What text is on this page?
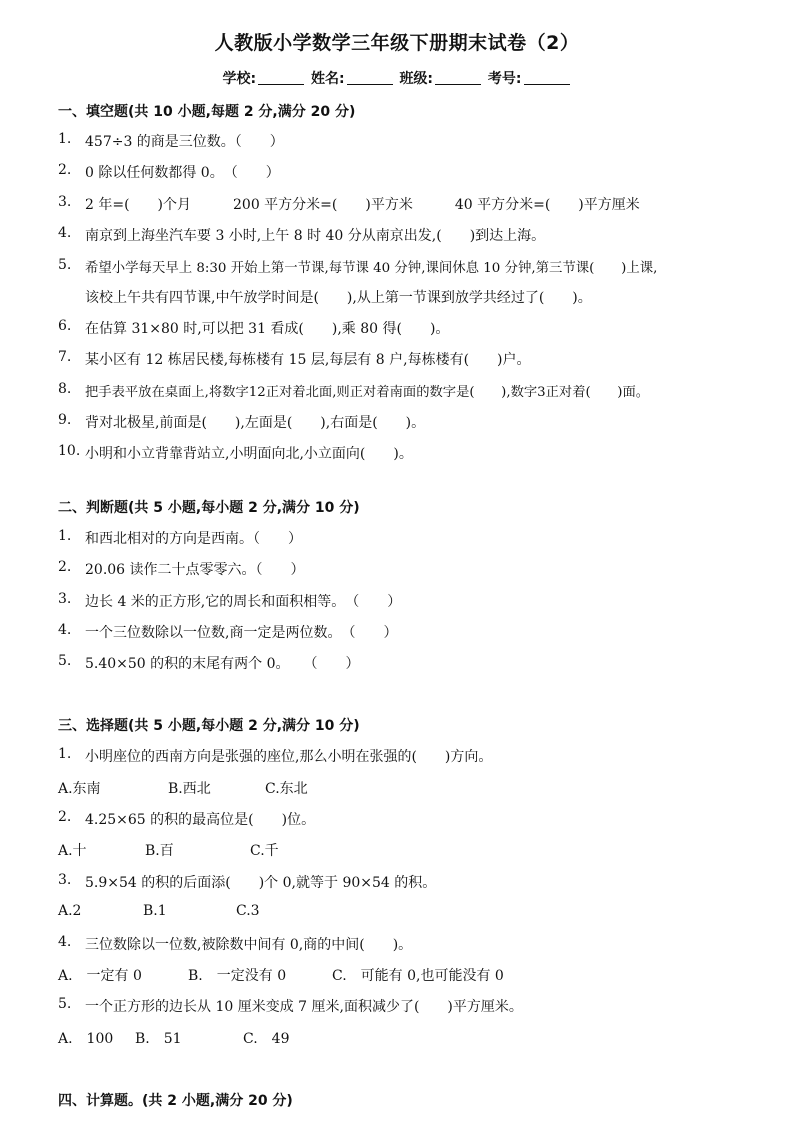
人教版小学数学三年级下册期末试卷（2）
学校:	姓名:	班级:	考号:
一、填空题(共 10 小题,每题 2 分,满分 20 分)
1. 457÷3 的商是三位数。（　　）
2. 0 除以任何数都得 0。　（　　）
3. 2 年=(　　)个月　　　200 平方分米=(　　)平方米　　　40 平方分米=(　　)平方厘米
4. 南京到上海坐汽车要 3 小时,上午 8 时 40 分从南京出发,(　　)到达上海。
5. 希望小学每天早上 8:30 开始上第一节课,每节课 40 分钟,课间休息 10 分钟,第三节课(　　)上课,
该校上午共有四节课,中午放学时间是(　　),从上第一节课到放学共经过了(　　)。
6. 在估算 31×80 时,可以把 31 看成(　　),乘 80 得(　　)。
7. 某小区有 12 栋居民楼,每栋楼有 15 层,每层有 8 户,每栋楼有(　　)户。
8. 把手表平放在桌面上,将数字12正对着北面,则正对着南面的数字是(　　),数字3正对着(　　)面。
9. 背对北极星,前面是(　　),左面是(　　),右面是(　　)。
10. 小明和小立背靠背站立,小明面向北,小立面向(　　)。
二、判断题(共 5 小题,每小题 2 分,满分 10 分)
1. 和西北相对的方向是西南。（　　）
2. 20.06 读作二十点零零六。（　　）
3. 边长 4 米的正方形,它的周长和面积相等。　（　　）
4. 一个三位数除以一位数,商一定是两位数。　（　　）
5. 5.40×50 的积的末尾有两个 0。　　（　　）
三、选择题(共 5 小题,每小题 2 分,满分 10 分)
1. 小明座位的西南方向是张强的座位,那么小明在张强的(　　)方向。
A.东南	B.西北	C.东北
2. 4.25×65 的积的最高位是(　　)位。
A.十	B.百	C.千
3. 5.9×54 的积的后面添(　　)个 0,就等于 90×54 的积。
A.2	B.1	C.3
4. 三位数除以一位数,被除数中间有 0,商的中间(　　)。
A.　一定有 0	B.　一定没有 0	C.　可能有 0,也可能没有 0
5. 一个正方形的边长从 10 厘米变成 7 厘米,面积减少了(　　)平方厘米。
A.　100 B.　51	C.　49
四、计算题。(共 2 小题,满分 20 分)
